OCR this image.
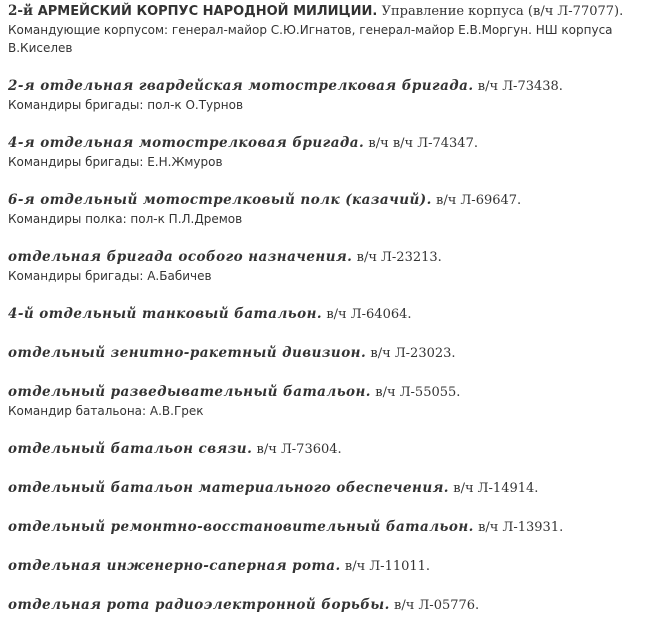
2-й АРМЕЙСКИЙ КОРПУС НАРОДНОЙ МИЛИЦИИ. Управление корпуса (в/ч Л-77077).
Командующие корпусом: генерал-майор С.Ю.Игнатов, генерал-майор Е.В.Моргун. НШ корпуса В.Киселев
2-я отдельная гвардейская мотострелковая бригада. в/ч Л-73438.
Командиры бригады: пол-к О.Турнов
4-я отдельная мотострелковая бригада. в/ч в/ч Л-74347.
Командиры бригады: Е.Н.Жмуров
6-я отдельный мотострелковый полк (казачий). в/ч Л-69647.
Командиры полка: пол-к П.Л.Дремов
отдельная бригада особого назначения. в/ч Л-23213.
Командиры бригады: А.Бабичев
4-й отдельный танковый батальон. в/ч Л-64064.
отдельный зенитно-ракетный дивизион. в/ч Л-23023.
отдельный разведывательный батальон. в/ч Л-55055.
Командир батальона: А.В.Грек
отдельный батальон связи. в/ч Л-73604.
отдельный батальон материального обеспечения. в/ч Л-14914.
отдельный ремонтно-восстановительный батальон. в/ч Л-13931.
отдельная инженерно-саперная рота. в/ч Л-11011.
отдельная рота радиоэлектронной борьбы. в/ч Л-05776.
